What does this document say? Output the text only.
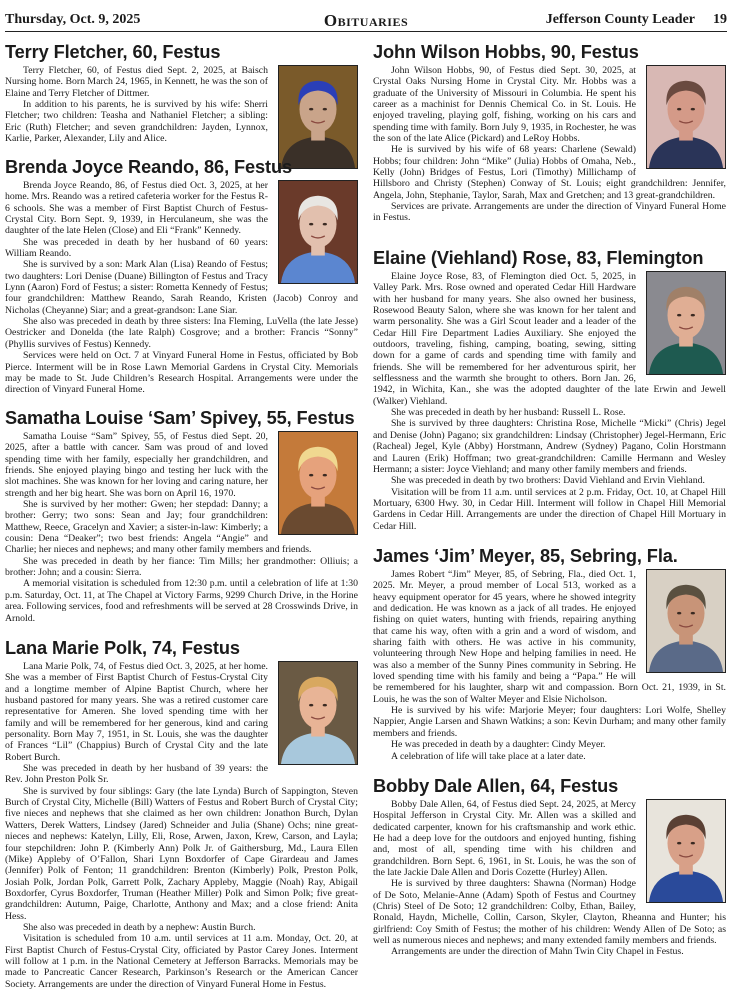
Thursday, Oct. 9, 2025	Obituaries	Jefferson County Leader 19
Terry Fletcher, 60, Festus

Terry Fletcher, 60, of Festus died Sept. 2, 2025, at Baisch Nursing home. Born March 24, 1965, in Kennett, he was the son of Elaine and Terry Fletcher of Dittmer.

In addition to his parents, he is survived by his wife: Sherri Fletcher; two children: Teasha and Nathaniel Fletcher; a sibling: Eric (Ruth) Fletcher; and seven grandchildren: Jayden, Lynnox, Karlie, Parker, Alexander, Lily and Alice.

Brenda Joyce Reando, 86, Festus

Brenda Joyce Reando, 86, of Festus died Oct. 3, 2025, at her home. Mrs. Reando was a retired cafeteria worker for the Festus R-6 schools. She was a member of First Baptist Church of Festus-Crystal City. Born Sept. 9, 1939, in Herculaneum, she was the daughter of the late Helen (Close) and Eli “Frank” Kennedy.

She was preceded in death by her husband of 60 years: William Reando.

She is survived by a son: Mark Alan (Lisa) Reando of Festus; two daughters: Lori Denise (Duane) Billington of Festus and Tracy Lynn (Aaron) Ford of Festus; a sister: Rometta Kennedy of Festus; four grandchildren: Matthew Reando, Sarah Reando, Kristen (Jacob) Conroy and Nicholas (Cheyanne) Siar; and a great-grandson: Lane Siar.

She also was preceded in death by three sisters: Ina Fleming, LuVella (the late Jesse) Oestricker and Donelda (the late Ralph) Cosgrove; and a brother: Francis “Sonny” (Phyllis survives of Festus) Kennedy.

Services were held on Oct. 7 at Vinyard Funeral Home in Festus, officiated by Bob Pierce. Interment will be in Rose Lawn Memorial Gardens in Crystal City. Memorials may be made to St. Jude Children’s Research Hospital. Arrangements were under the direction of Vinyard Funeral Home.

Samatha Louise ‘Sam’ Spivey, 55, Festus

Samatha Louise “Sam” Spivey, 55, of Festus died Sept. 20, 2025, after a battle with cancer. Sam was proud of and loved spending time with her family, especially her grandchildren, and friends. She enjoyed playing bingo and testing her luck with the slot machines. She was known for her loving and caring nature, her strength and her big heart. She was born on April 16, 1970.

She is survived by her mother: Gwen; her stepdad: Danny; a brother: Gerry; two sons: Sean and Jay; four grandchildren: Matthew, Reece, Gracelyn and Xavier; a sister-in-law: Kimberly; a cousin: Dena “Deaker”; two best friends: Angela “Angie” and Charlie; her nieces and nephews; and many other family members and friends.

She was preceded in death by her fiance: Tim Mills; her grandmother: Olliuis; a brother: John; and a cousin: Sierra.

A memorial visitation is scheduled from 12:30 p.m. until a celebration of life at 1:30 p.m. Saturday, Oct. 11, at The Chapel at Victory Farms, 9299 Church Drive, in the Horine area. Following services, food and refreshments will be served at 28 Crosswinds Drive, in Arnold.

Lana Marie Polk, 74, Festus

Lana Marie Polk, 74, of Festus died Oct. 3, 2025, at her home. She was a member of First Baptist Church of Festus-Crystal City and a longtime member of Alpine Baptist Church, where her husband pastored for many years. She was a retired customer care representative for Ameren. She loved spending time with her family and will be remembered for her generous, kind and caring personality. Born May 7, 1951, in St. Louis, she was the daughter of Frances “Lil” (Chappius) Burch of Crystal City and the late Robert Burch.

She was preceded in death by her husband of 39 years: the Rev. John Preston Polk Sr.

She is survived by four siblings: Gary (the late Lynda) Burch of Sappington, Steven Burch of Crystal City, Michelle (Bill) Watters of Festus and Robert Burch of Crystal City; five nieces and nephews that she claimed as her own children: Jonathon Burch, Dylan Watters, Derek Watters, Lindsey (Jared) Schneider and Julia (Shane) Ochs; nine great-nieces and nephews: Katelyn, Lilly, Eli, Rose, Arwen, Jaxon, Krew, Carson, and Layla; four stepchildren: John P. (Kimberly Ann) Polk Jr. of Gaithersburg, Md., Laura Ellen (Mike) Appleby of O’Fallon, Shari Lynn Boxdorfer of Cape Girardeau and James (Jennifer) Polk of Fenton; 11 grandchildren: Brenton (Kimberly) Polk, Preston Polk, Josiah Polk, Jordan Polk, Garrett Polk, Zachary Appleby, Maggie (Noah) Ray, Abigail Boxdorfer, Cyrus Boxdorfer, Truman (Heather Miller) Polk and Simon Polk; five great-grandchildren: Autumn, Paige, Charlotte, Anthony and Max; and a close friend: Anita Hess.

She also was preceded in death by a nephew: Austin Burch.

Visitation is scheduled from 10 a.m. until services at 11 a.m. Monday, Oct. 20, at First Baptist Church of Festus-Crystal City, officiated by Pastor Carey Jones. Interment will follow at 1 p.m. in the National Cemetery at Jefferson Barracks. Memorials may be made to Pancreatic Cancer Research, Parkinson’s Research or the American Cancer Society. Arrangements are under the direction of Vinyard Funeral Home in Festus.

John Wilson Hobbs, 90, Festus

John Wilson Hobbs, 90, of Festus died Sept. 30, 2025, at Crystal Oaks Nursing Home in Crystal City. Mr. Hobbs was a graduate of the University of Missouri in Columbia. He spent his career as a machinist for Dennis Chemical Co. in St. Louis. He enjoyed traveling, playing golf, fishing, working on his cars and spending time with family. Born July 9, 1935, in Rochester, he was the son of the late Alice (Pickard) and LeRoy Hobbs.

He is survived by his wife of 68 years: Charlene (Sewald) Hobbs; four children: John “Mike” (Julia) Hobbs of Omaha, Neb., Kelly (John) Bridges of Festus, Lori (Timothy) Millichamp of Hillsboro and Christy (Stephen) Conway of St. Louis; eight grandchildren: Jennifer, Angela, John, Stephanie, Taylor, Sarah, Max and Gretchen; and 13 great-grandchildren.

Services are private. Arrangements are under the direction of Vinyard Funeral Home in Festus.

Elaine (Viehland) Rose, 83, Flemington

Elaine Joyce Rose, 83, of Flemington died Oct. 5, 2025, in Valley Park. Mrs. Rose owned and operated Cedar Hill Hardware with her husband for many years. She also owned her business, Rosewood Beauty Salon, where she was known for her talent and warm personality. She was a Girl Scout leader and a leader of the Cedar Hill Fire Department Ladies Auxiliary. She enjoyed the outdoors, traveling, fishing, camping, boating, sewing, sitting down for a game of cards and spending time with family and friends. She will be remembered for her adventurous spirit, her selflessness and the warmth she brought to others. Born Jan. 26, 1942, in Wichita, Kan., she was the adopted daughter of the late Erwin and Jewell (Walker) Viehland.

She was preceded in death by her husband: Russell L. Rose.

She is survived by three daughters: Christina Rose, Michelle “Micki” (Chris) Jegel and Denise (John) Pagano; six grandchildren: Lindsay (Christopher) Jegel-Hermann, Eric (Racheal) Jegel, Kyle (Abby) Horstmann, Andrew (Sydney) Pagano, Colin Horstmann and Lauren (Erik) Hoffman; two great-grandchildren: Camille Hermann and Wesley Hermann; a sister: Joyce Viehland; and many other family members and friends.

She was preceded in death by two brothers: David Viehland and Ervin Viehland.

Visitation will be from 11 a.m. until services at 2 p.m. Friday, Oct. 10, at Chapel Hill Mortuary, 6300 Hwy. 30, in Cedar Hill. Interment will follow in Chapel Hill Memorial Gardens in Cedar Hill. Arrangements are under the direction of Chapel Hill Mortuary in Cedar Hill.

James ‘Jim’ Meyer, 85, Sebring, Fla.

James Robert “Jim” Meyer, 85, of Sebring, Fla., died Oct. 1, 2025. Mr. Meyer, a proud member of Local 513, worked as a heavy equipment operator for 45 years, where he showed integrity and dedication. He was known as a jack of all trades. He enjoyed fishing on quiet waters, hunting with friends, repairing anything that came his way, often with a grin and a word of wisdom, and sharing faith with others. He was active in his community, volunteering through New Hope and helping families in need. He was also a member of the Sunny Pines community in Sebring. He loved spending time with his family and being a “Papa.” He will be remembered for his laughter, sharp wit and compassion. Born Oct. 21, 1939, in St. Louis, he was the son of Walter Meyer and Elsie Nicholson.

He is survived by his wife: Marjorie Meyer; four daughters: Lori Wolfe, Shelley Nappier, Angie Larsen and Shawn Watkins; a son: Kevin Durham; and many other family members and friends.

He was preceded in death by a daughter: Cindy Meyer.

A celebration of life will take place at a later date.

Bobby Dale Allen, 64, Festus

Bobby Dale Allen, 64, of Festus died Sept. 24, 2025, at Mercy Hospital Jefferson in Crystal City. Mr. Allen was a skilled and dedicated carpenter, known for his craftsmanship and work ethic. He had a deep love for the outdoors and enjoyed hunting, fishing and, most of all, spending time with his children and grandchildren. Born Sept. 6, 1961, in St. Louis, he was the son of the late Jackie Dale Allen and Doris Cozette (Hurley) Allen.

He is survived by three daughters: Shawna (Norman) Hodge of De Soto, Melanie-Anne (Adam) Spoth of Festus and Courtney (Chris) Steel of De Soto; 12 grandchildren: Colby, Ethan, Bailey, Ronald, Haydn, Michelle, Collin, Carson, Skyler, Clayton, Rheanna and Hunter; his girlfriend: Coy Smith of Festus; the mother of his children: Wendy Allen of De Soto; as well as numerous nieces and nephews; and many extended family members and friends.

Arrangements are under the direction of Mahn Twin City Chapel in Festus.
